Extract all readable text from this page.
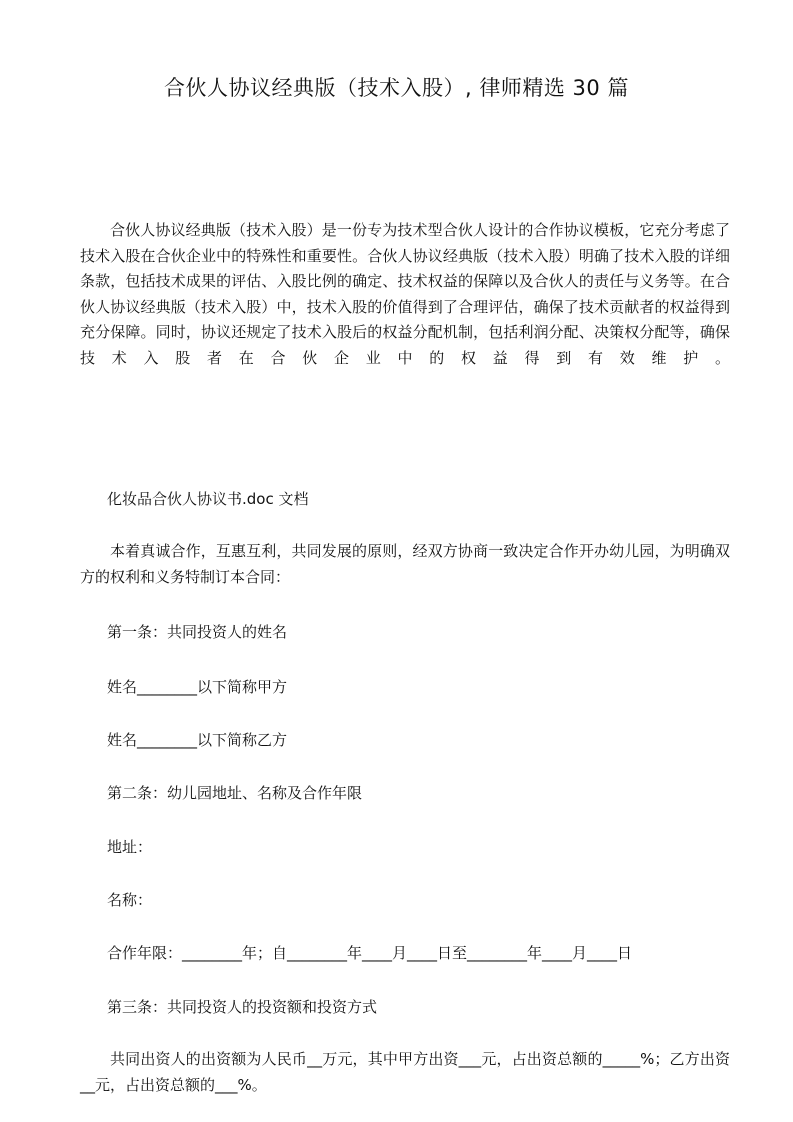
合伙人协议经典版（技术入股）, 律师精选 30 篇

合伙人协议经典版（技术入股）是一份专为技术型合伙人设计的合作协议模板，它充分考虑了技术入股在合伙企业中的特殊性和重要性。合伙人协议经典版（技术入股）明确了技术入股的详细条款，包括技术成果的评估、入股比例的确定、技术权益的保障以及合伙人的责任与义务等。在合伙人协议经典版（技术入股）中，技术入股的价值得到了合理评估，确保了技术贡献者的权益得到充分保障。同时，协议还规定了技术入股后的权益分配机制，包括利润分配、决策权分配等，确保技术入股者在合伙企业中的权益得到有效维护。

化妆品合伙人协议书.doc 文档

本着真诚合作，互惠互利，共同发展的原则，经双方协商一致决定合作开办幼儿园，为明确双方的权利和义务特制订本合同：

第一条：共同投资人的姓名

姓名________以下简称甲方

姓名________以下简称乙方

第二条：幼儿园地址、名称及合作年限

地址：

名称：

合作年限：________年；自________年____月____日至________年____月____日

第三条：共同投资人的投资额和投资方式

共同出资人的出资额为人民币__万元，其中甲方出资___元，占出资总额的_____%；乙方出资__元，占出资总额的___%。
